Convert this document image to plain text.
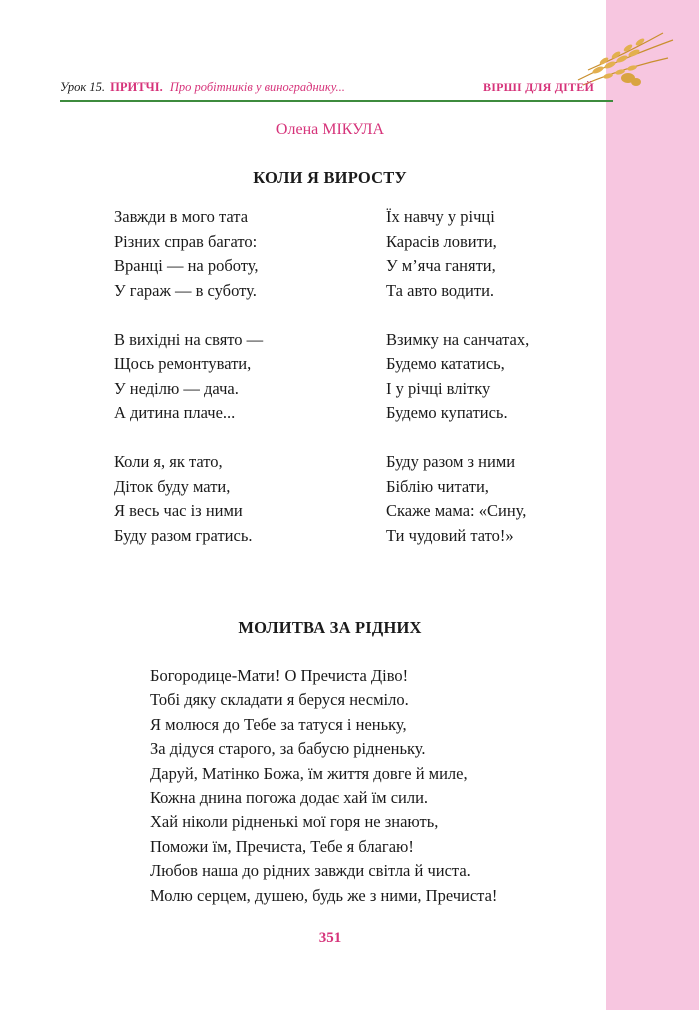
Урок 15. ПРИТЧІ. Про робітників у винограднику...	ВІРШІ ДЛЯ ДІТЕЙ
Олена МІКУЛА
КОЛИ Я ВИРОСТУ
Завжди в мого тата
Різних справ багато:
Вранці — на роботу,
У гараж — в суботу.
В вихідні на свято —
Щось ремонтувати,
У неділю — дача.
А дитина плаче...
Коли я, як тато,
Діток буду мати,
Я весь час із ними
Буду разом гратись.
Їх навчу у річці
Карасів ловити,
У м’яча ганяти,
Та авто водити.
Взимку на санчатах,
Будемо кататись,
І у річці влітку
Будемо купатись.
Буду разом з ними
Біблію читати,
Скаже мама: «Сину,
Ти чудовий тато!»
МОЛИТВА ЗА РІДНИХ
Богородице-Мати! О Пречиста Діво!
Тобі дяку складати я беруся несміло.
Я молюся до Тебе за татуся і неньку,
За дідуся старого, за бабусю рідненьку.
Даруй, Матінко Божа, їм життя довге й миле,
Кожна днина погожа додає хай їм сили.
Хай ніколи рідненькі мої горя не знають,
Поможи їм, Пречиста, Тебе я благаю!
Любов наша до рідних завжди світла й чиста.
Молю серцем, душею, будь же з ними, Пречиста!
351
